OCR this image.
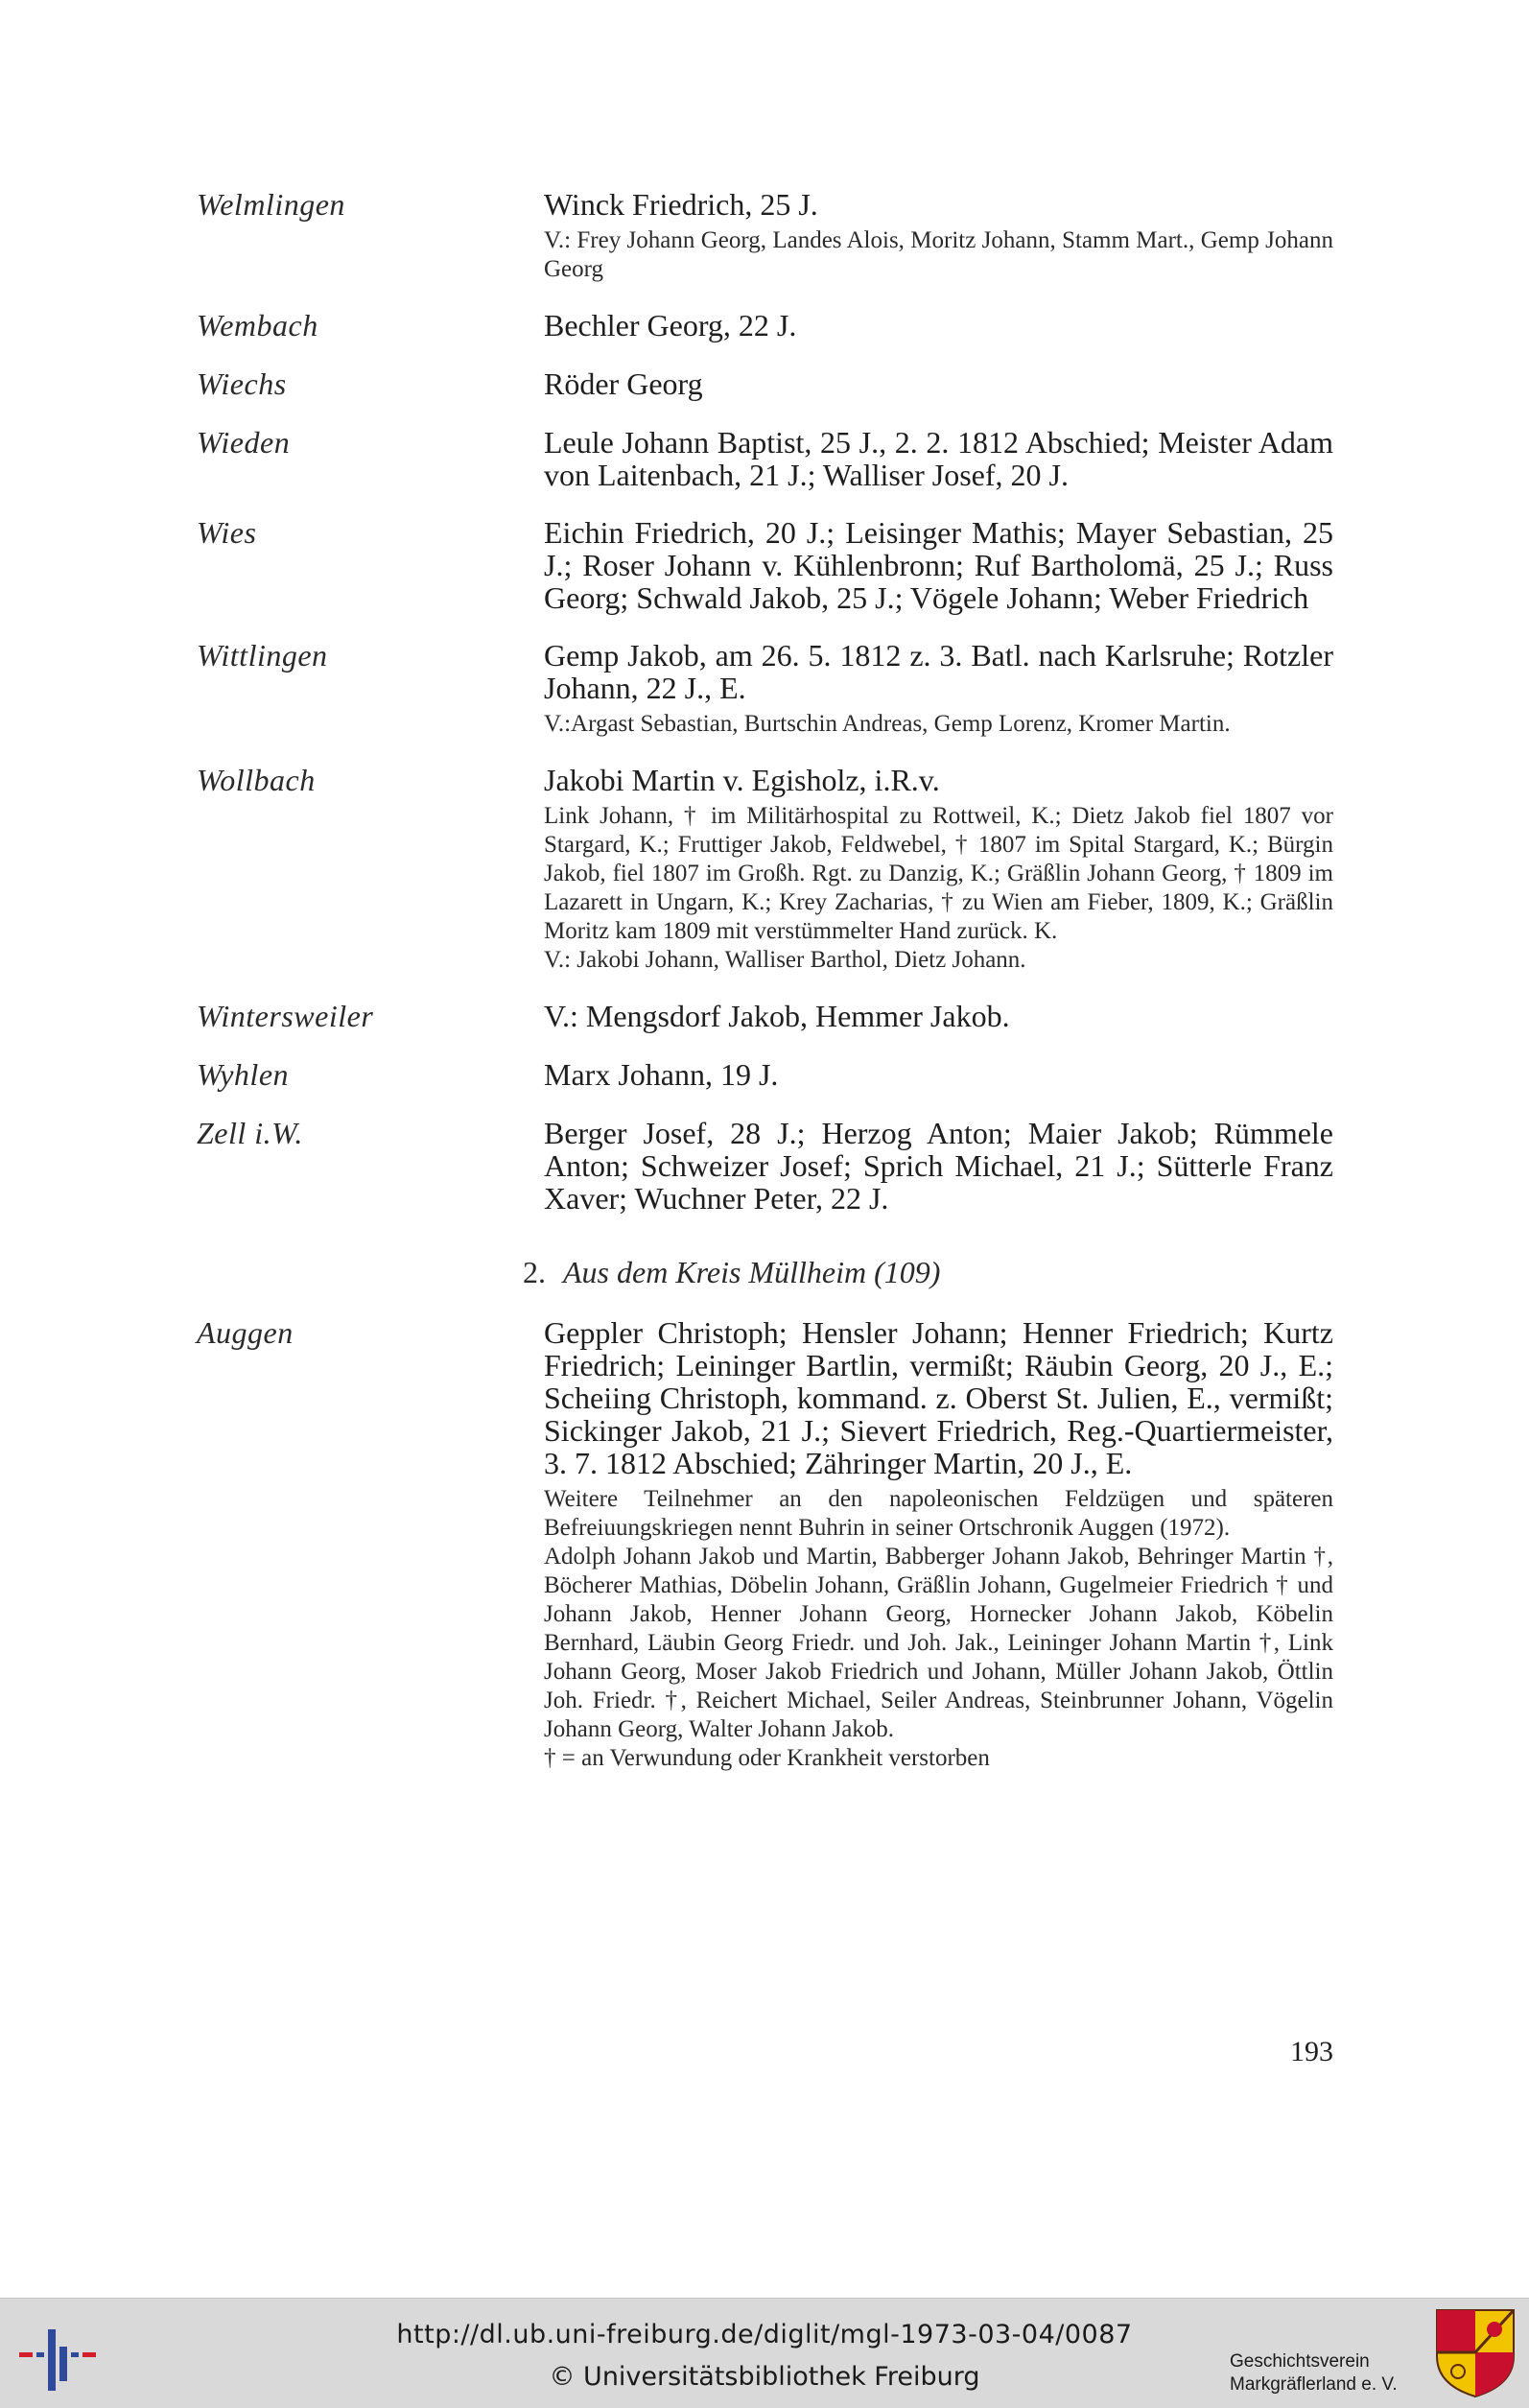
Welmlingen	Winck Friedrich, 25 J.

V.: Frey Johann Georg, Landes Alois, Moritz Johann, Stamm Mart., Gemp Johann Georg

Wembach	Bechler Georg, 22 J.
Wiechs	Röder Georg
Wieden	Leule Johann Baptist, 25 J., 2. 2. 1812 Abschied; Meister Adam von Laitenbach, 21 J.; Walliser Josef, 20 J.
Wies	Eichin Friedrich, 20 J.; Leisinger Mathis; Mayer Sebastian, 25 J.; Roser Johann v. Kühlenbronn; Ruf Bartholomä, 25 J.; Russ Georg; Schwald Jakob, 25 J.; Vögele Johann; Weber Friedrich
Wittlingen	Gemp Jakob, am 26. 5. 1812 z. 3. Batl. nach Karlsruhe; Rotzler Johann, 22 J., E.

V.:Argast Sebastian, Burtschin Andreas, Gemp Lorenz, Kromer Martin.

Wollbach	Jakobi Martin v. Egisholz, i.R.v.

Link Johann, † im Militärhospital zu Rottweil, K.; Dietz Jakob fiel 1807 vor Stargard, K.; Fruttiger Jakob, Feldwebel, † 1807 im Spital Stargard, K.; Bürgin Jakob, fiel 1807 im Großh. Rgt. zu Danzig, K.; Gräßlin Johann Georg, † 1809 im Lazarett in Ungarn, K.; Krey Zacharias, † zu Wien am Fieber, 1809, K.; Gräßlin Moritz kam 1809 mit verstümmelter Hand zurück. K.

V.: Jakobi Johann, Walliser Barthol, Dietz Johann.

Wintersweiler	V.: Mengsdorf Jakob, Hemmer Jakob.
Wyhlen	Marx Johann, 19 J.
Zell i.W.	Berger Josef, 28 J.; Herzog Anton; Maier Jakob; Rümmele Anton; Schweizer Josef; Sprich Michael, 21 J.; Sütterle Franz Xaver; Wuchner Peter, 22 J.
2. Aus dem Kreis Müllheim (109)
Auggen	Geppler Christoph; Hensler Johann; Henner Friedrich; Kurtz Friedrich; Leininger Bartlin, vermißt; Räubin Georg, 20 J., E.; Scheiing Christoph, kommand. z. Oberst St. Julien, E., vermißt; Sickinger Jakob, 21 J.; Sievert Friedrich, Reg.-Quartiermeister, 3. 7. 1812 Abschied; Zähringer Martin, 20 J., E.

Weitere Teilnehmer an den napoleonischen Feldzügen und späteren Befreiuungskriegen nennt Buhrin in seiner Ortschronik Auggen (1972).

Adolph Johann Jakob und Martin, Babberger Johann Jakob, Behringer Martin †, Böcherer Mathias, Döbelin Johann, Gräßlin Johann, Gugelmeier Friedrich † und Johann Jakob, Henner Johann Georg, Hornecker Johann Jakob, Köbelin Bernhard, Läubin Georg Friedr. und Joh. Jak., Leininger Johann Martin †, Link Johann Georg, Moser Jakob Friedrich und Johann, Müller Johann Jakob, Öttlin Joh. Friedr. †, Reichert Michael, Seiler Andreas, Steinbrunner Johann, Vögelin Johann Georg, Walter Johann Jakob.

† = an Verwundung oder Krankheit verstorben

193
http://dl.ub.uni-freiburg.de/diglit/mgl-1973-03-04/0087
© Universitätsbibliothek Freiburg
Geschichtsverein
Markgräflerland e. V.
